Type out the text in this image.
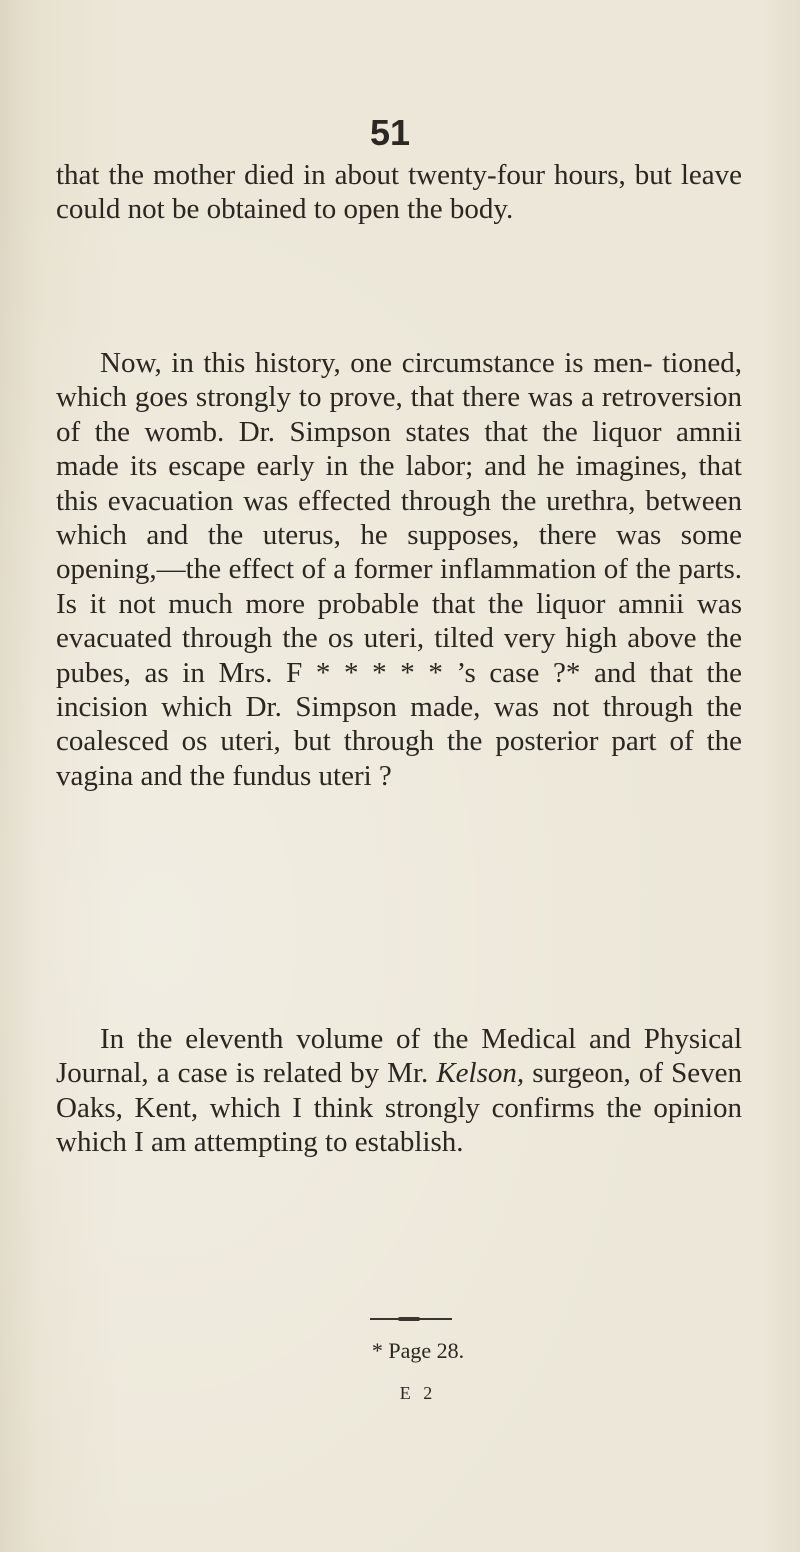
51

that the mother died in about twenty-four hours, but leave could not be obtained to open the body.

Now, in this history, one circumstance is men- tioned, which goes strongly to prove, that there was a retroversion of the womb. Dr. Simpson states that the liquor amnii made its escape early in the labor; and he imagines, that this evacuation was effected through the urethra, between which and the uterus, he supposes, there was some opening,—the effect of a former inflammation of the parts. Is it not much more probable that the liquor amnii was evacuated through the os uteri, tilted very high above the pubes, as in Mrs. F * * * * * ’s case ?* and that the incision which Dr. Simpson made, was not through the coalesced os uteri, but through the posterior part of the vagina and the fundus uteri ?

In the eleventh volume of the Medical and Physical Journal, a case is related by Mr. Kelson, surgeon, of Seven Oaks, Kent, which I think strongly confirms the opinion which I am attempting to establish.

* Page 28.
E 2
